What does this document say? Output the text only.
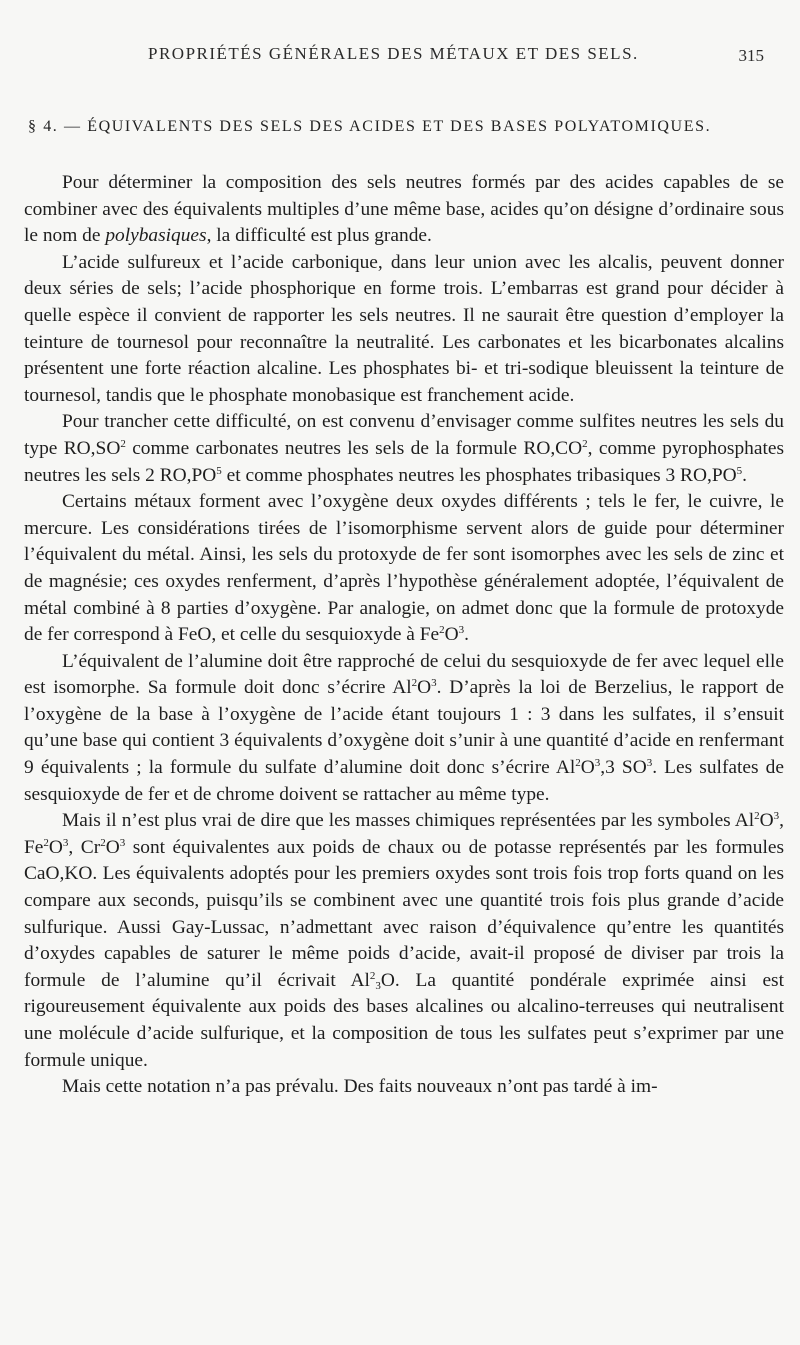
PROPRIÉTÉS GÉNÉRALES DES MÉTAUX ET DES SELS.	315
§ 4. — ÉQUIVALENTS DES SELS DES ACIDES ET DES BASES POLYATOMIQUES.

Pour déterminer la composition des sels neutres formés par des acides capables de se combiner avec des équivalents multiples d’une même base, acides qu’on désigne d’ordinaire sous le nom de polybasiques, la difficulté est plus grande.

L’acide sulfureux et l’acide carbonique, dans leur union avec les alcalis, peuvent donner deux séries de sels; l’acide phosphorique en forme trois. L’embarras est grand pour décider à quelle espèce il convient de rapporter les sels neutres. Il ne saurait être question d’employer la teinture de tournesol pour reconnaître la neutralité. Les carbonates et les bicarbonates alcalins présentent une forte réaction alcaline. Les phosphates bi- et tri-sodique bleuissent la teinture de tournesol, tandis que le phosphate monobasique est franchement acide.

Pour trancher cette difficulté, on est convenu d’envisager comme sulfites neutres les sels du type $RO,SO^2$ comme carbonates neutres les sels de la formule $RO,CO^2$, comme pyrophosphates neutres les sels 2 $RO,PO^5$ et comme phosphates neutres les phosphates tribasiques 3 $RO,PO^5$.

Certains métaux forment avec l’oxygène deux oxydes différents ; tels le fer, le cuivre, le mercure. Les considérations tirées de l’isomorphisme servent alors de guide pour déterminer l’équivalent du métal. Ainsi, les sels du protoxyde de fer sont isomorphes avec les sels de zinc et de magnésie; ces oxydes renferment, d’après l’hypothèse généralement adoptée, l’équivalent de métal combiné à 8 parties d’oxygène. Par analogie, on admet donc que la formule de protoxyde de fer correspond à FeO, et celle du sesquioxyde à $Fe^2O^3$.

L’équivalent de l’alumine doit être rapproché de celui du sesquioxyde de fer avec lequel elle est isomorphe. Sa formule doit donc s’écrire $Al^2O^3$. D’après la loi de Berzelius, le rapport de l’oxygène de la base à l’oxygène de l’acide étant toujours 1 : 3 dans les sulfates, il s’ensuit qu’une base qui contient 3 équivalents d’oxygène doit s’unir à une quantité d’acide en renfermant 9 équivalents ; la formule du sulfate d’alumine doit donc s’écrire $Al^2O^3,3$ $SO^3$. Les sulfates de sesquioxyde de fer et de chrome doivent se rattacher au même type.

Mais il n’est plus vrai de dire que les masses chimiques représentées par les symboles $Al^2O^3$, $Fe^2O^3$, $Cr^2O^3$ sont équivalentes aux poids de chaux ou de potasse représentés par les formules CaO,KO. Les équivalents adoptés pour les premiers oxydes sont trois fois trop forts quand on les compare aux seconds, puisqu’ils se combinent avec une quantité trois fois plus grande d’acide sulfurique. Aussi Gay-Lussac, n’admettant avec raison d’équivalence qu’entre les quantités d’oxydes capables de saturer le même poids d’acide, avait-il proposé de diviser par trois la formule de l’alumine qu’il écrivait $Al^2_3O$. La quantité pondérale exprimée ainsi est rigoureusement équivalente aux poids des bases alcalines ou alcalino-terreuses qui neutralisent une molécule d’acide sulfurique, et la composition de tous les sulfates peut s’exprimer par une formule unique.

Mais cette notation n’a pas prévalu. Des faits nouveaux n’ont pas tardé à im-
